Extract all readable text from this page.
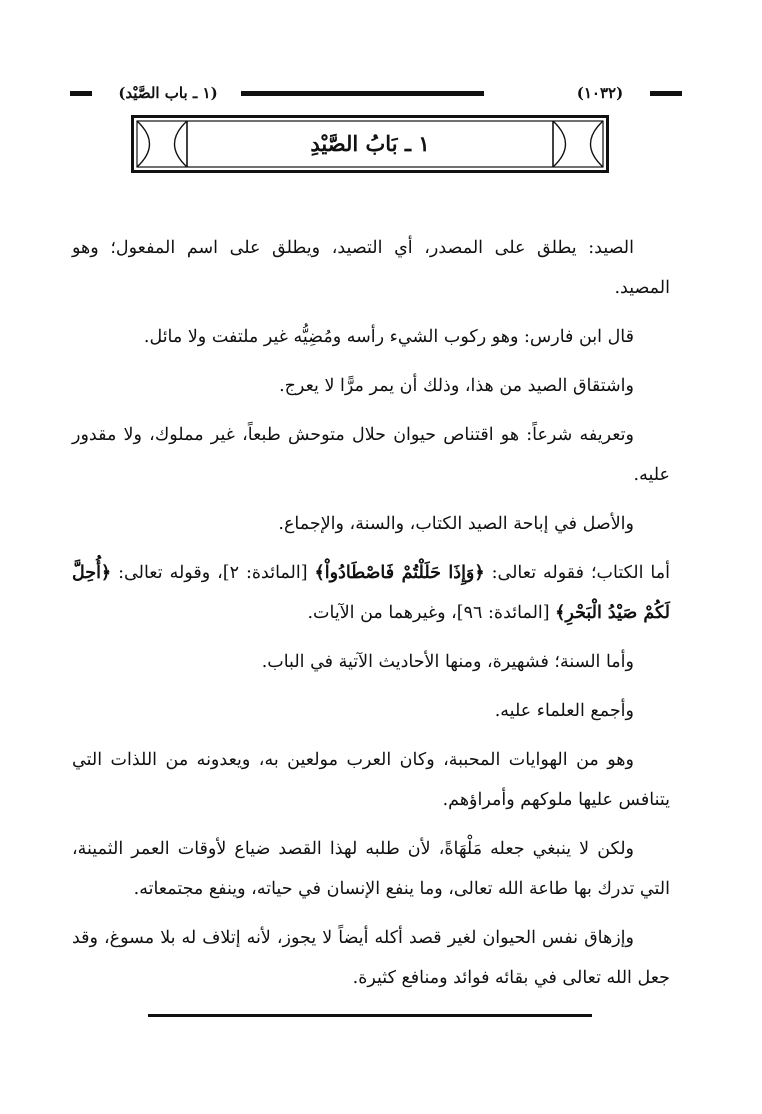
(١ ـ باب الصَّيْد)	(١٠٣٢)
١ ـ بَابُ الصَّيْدِ

الصيد: يطلق على المصدر، أي التصيد، ويطلق على اسم المفعول؛ وهو المصيد.

قال ابن فارس: وهو ركوب الشيء رأسه ومُضِيُّه غير ملتفت ولا مائل.

واشتقاق الصيد من هذا، وذلك أن يمر مرًّا لا يعرج.

وتعريفه شرعاً: هو اقتناص حيوان حلال متوحش طبعاً، غير مملوك، ولا مقدور عليه.

والأصل في إباحة الصيد الكتاب، والسنة، والإجماع.

أما الكتاب؛ فقوله تعالى: ﴿وَإِذَا حَلَلْتُمْ فَاصْطَادُواْ﴾ [المائدة: ٢]، وقوله تعالى: ﴿أُحِلَّ لَكُمْ صَيْدُ الْبَحْرِ﴾ [المائدة: ٩٦]، وغيرهما من الآيات.

وأما السنة؛ فشهيرة، ومنها الأحاديث الآتية في الباب.

وأجمع العلماء عليه.

وهو من الهوايات المحببة، وكان العرب مولعين به، ويعدونه من اللذات التي يتنافس عليها ملوكهم وأمراؤهم.

ولكن لا ينبغي جعله مَلْهَاةً، لأن طلبه لهذا القصد ضياع لأوقات العمر الثمينة، التي تدرك بها طاعة الله تعالى، وما ينفع الإنسان في حياته، وينفع مجتمعاته.

وإزهاق نفس الحيوان لغير قصد أكله أيضاً لا يجوز، لأنه إتلاف له بلا مسوغ، وقد جعل الله تعالى في بقائه فوائد ومنافع كثيرة.
